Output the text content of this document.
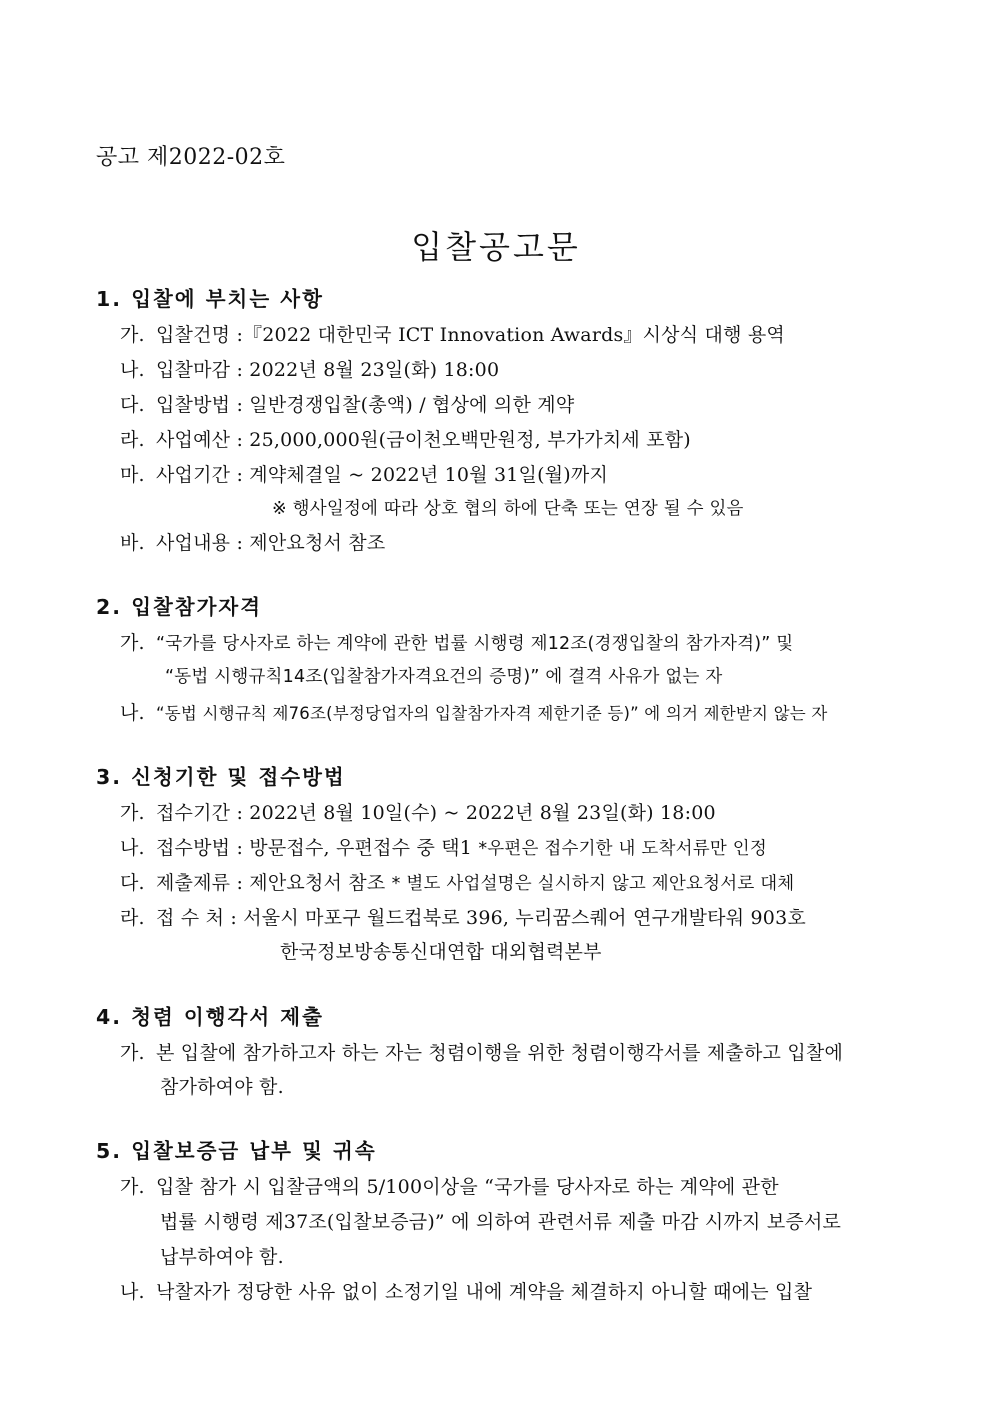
공고 제2022-02호
입찰공고문
1. 입찰에 부치는 사항
가. 입찰건명 :『2022 대한민국 ICT Innovation Awards』시상식 대행 용역
나. 입찰마감 : 2022년 8월 23일(화) 18:00
다. 입찰방법 : 일반경쟁입찰(총액) / 협상에 의한 계약
라. 사업예산 : 25,000,000원(금이천오백만원정, 부가가치세 포함)
마. 사업기간 : 계약체결일 ~ 2022년 10월 31일(월)까지
※ 행사일정에 따라 상호 협의 하에 단축 또는 연장 될 수 있음
바. 사업내용 : 제안요청서 참조
2. 입찰참가자격
가. “국가를 당사자로 하는 계약에 관한 법률 시행령 제12조(경쟁입찰의 참가자격)” 및
“동법 시행규칙14조(입찰참가자격요건의 증명)” 에 결격 사유가 없는 자
나. “동법 시행규칙 제76조(부정당업자의 입찰참가자격 제한기준 등)” 에 의거 제한받지 않는 자
3. 신청기한 및 접수방법
가. 접수기간 : 2022년 8월 10일(수) ~ 2022년 8월 23일(화) 18:00
나. 접수방법 : 방문접수, 우편접수 중 택1 *우편은 접수기한 내 도착서류만 인정
다. 제출제류 : 제안요청서 참조 * 별도 사업설명은 실시하지 않고 제안요청서로 대체
라. 접 수 처 : 서울시 마포구 월드컵북로 396, 누리꿈스퀘어 연구개발타워 903호
한국정보방송통신대연합 대외협력본부
4. 청렴 이행각서 제출
가. 본 입찰에 참가하고자 하는 자는 청렴이행을 위한 청렴이행각서를 제출하고 입찰에
참가하여야 함.
5. 입찰보증금 납부 및 귀속
가. 입찰 참가 시 입찰금액의 5/100이상을 “국가를 당사자로 하는 계약에 관한
법률 시행령 제37조(입찰보증금)” 에 의하여 관련서류 제출 마감 시까지 보증서로
납부하여야 함.
나. 낙찰자가 정당한 사유 없이 소정기일 내에 계약을 체결하지 아니할 때에는 입찰
